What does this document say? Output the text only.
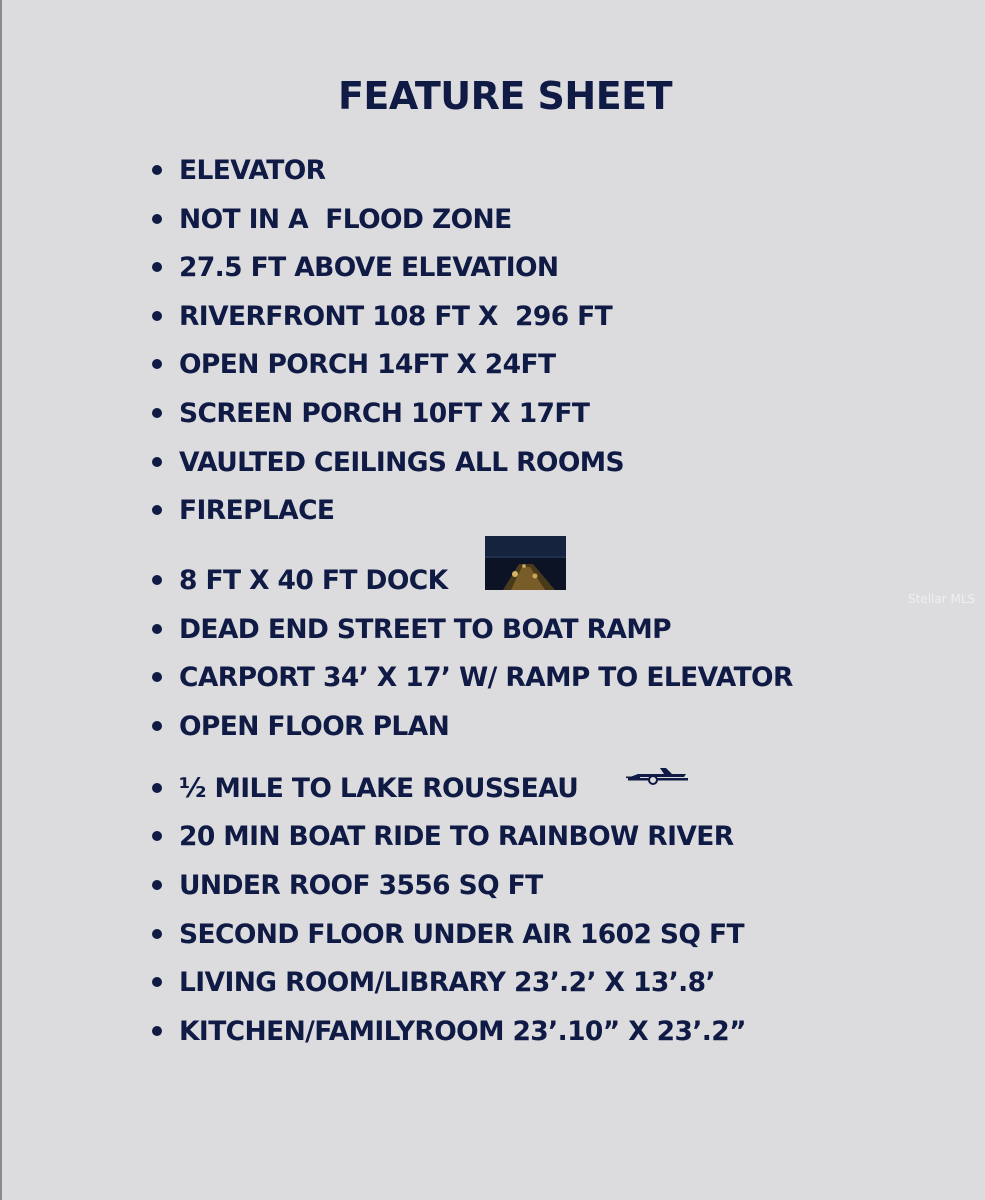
FEATURE SHEET
ELEVATOR
NOT IN A  FLOOD ZONE
27.5 FT ABOVE ELEVATION
RIVERFRONT 108 FT X  296 FT
OPEN PORCH 14FT X 24FT
SCREEN PORCH 10FT X 17FT
VAULTED CEILINGS ALL ROOMS
FIREPLACE
8 FT X 40 FT DOCK
DEAD END STREET TO BOAT RAMP
CARPORT 34’ X 17’ W/ RAMP TO ELEVATOR
OPEN FLOOR PLAN
½ MILE TO LAKE ROUSSEAU
20 MIN BOAT RIDE TO RAINBOW RIVER
UNDER ROOF 3556 SQ FT
SECOND FLOOR UNDER AIR 1602 SQ FT
LIVING ROOM/LIBRARY 23’.2’ X 13’.8’
KITCHEN/FAMILYROOM 23’.10” X 23’.2”
Stellar MLS
